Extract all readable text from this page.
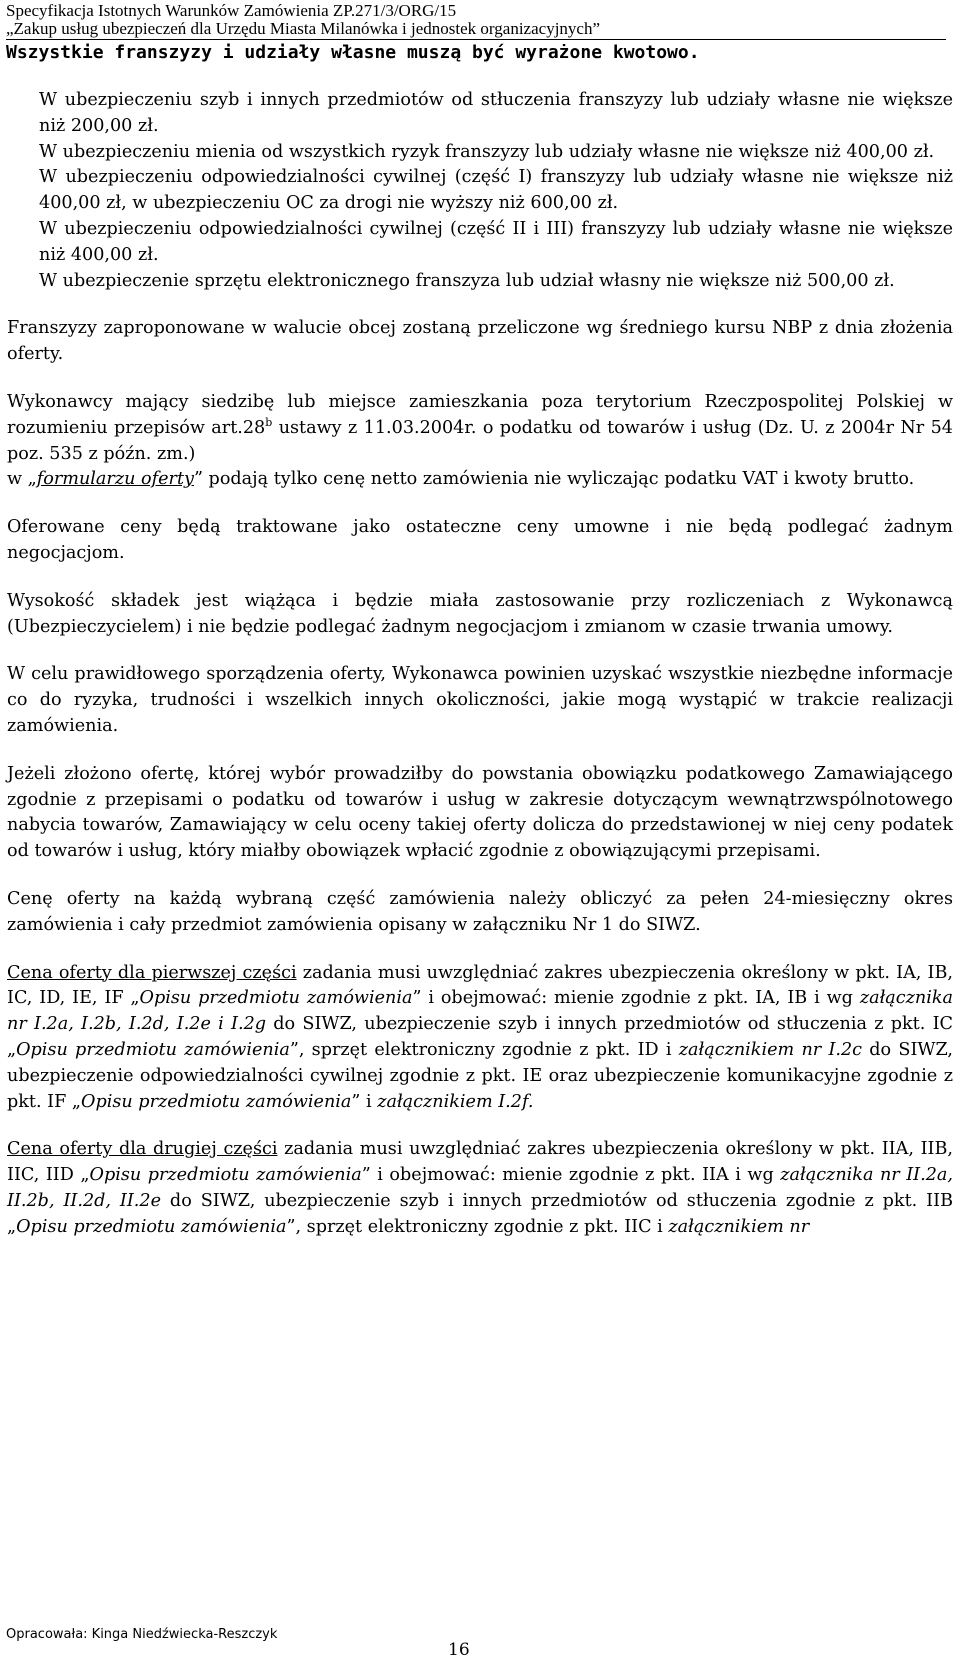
Specyfikacja Istotnych Warunków Zamówienia ZP.271/3/ORG/15
„Zakup usług ubezpieczeń dla Urzędu Miasta Milanówka i jednostek organizacyjnych”
Wszystkie franszyzy i udziały własne muszą być wyrażone kwotowo.

W ubezpieczeniu szyb i innych przedmiotów od stłuczenia franszyzy lub udziały własne nie większe niż 200,00 zł.

W ubezpieczeniu mienia od wszystkich ryzyk franszyzy lub udziały własne nie większe niż 400,00 zł.

W ubezpieczeniu odpowiedzialności cywilnej (część I) franszyzy lub udziały własne nie większe niż 400,00 zł, w ubezpieczeniu OC za drogi nie wyższy niż 600,00 zł.

W ubezpieczeniu odpowiedzialności cywilnej (część II i III) franszyzy lub udziały własne nie większe niż 400,00 zł.

W ubezpieczenie sprzętu elektronicznego franszyza lub udział własny nie większe niż 500,00 zł.

Franszyzy zaproponowane w walucie obcej zostaną przeliczone wg średniego kursu NBP z dnia złożenia oferty.

Wykonawcy mający siedzibę lub miejsce zamieszkania poza terytorium Rzeczpospolitej Polskiej w rozumieniu przepisów art.28$^b$ ustawy z 11.03.2004r. o podatku od towarów i usług (Dz. U. z 2004r Nr 54 poz. 535 z późn. zm.)
w „formularzu oferty” podają tylko cenę netto zamówienia nie wyliczając podatku VAT i kwoty brutto.

Oferowane ceny będą traktowane jako ostateczne ceny umowne i nie będą podlegać żadnym negocjacjom.

Wysokość składek jest wiążąca i będzie miała zastosowanie przy rozliczeniach z Wykonawcą (Ubezpieczycielem) i nie będzie podlegać żadnym negocjacjom i zmianom w czasie trwania umowy.

W celu prawidłowego sporządzenia oferty, Wykonawca powinien uzyskać wszystkie niezbędne informacje co do ryzyka, trudności i wszelkich innych okoliczności, jakie mogą wystąpić w trakcie realizacji zamówienia.

Jeżeli złożono ofertę, której wybór prowadziłby do powstania obowiązku podatkowego Zamawiającego zgodnie z przepisami o podatku od towarów i usług w zakresie dotyczącym wewnątrzwspólnotowego nabycia towarów, Zamawiający w celu oceny takiej oferty dolicza do przedstawionej w niej ceny podatek od towarów i usług, który miałby obowiązek wpłacić zgodnie z obowiązującymi przepisami.

Cenę oferty na każdą wybraną część zamówienia należy obliczyć za pełen 24-miesięczny okres zamówienia i cały przedmiot zamówienia opisany w załączniku Nr 1 do SIWZ.

Cena oferty dla pierwszej części zadania musi uwzględniać zakres ubezpieczenia określony w pkt. IA, IB, IC, ID, IE, IF „Opisu przedmiotu zamówienia” i obejmować: mienie zgodnie z pkt. IA, IB i wg załącznika nr I.2a, I.2b, I.2d, I.2e i I.2g do SIWZ, ubezpieczenie szyb i innych przedmiotów od stłuczenia z pkt. IC „Opisu przedmiotu zamówienia”, sprzęt elektroniczny zgodnie z pkt. ID i załącznikiem nr I.2c do SIWZ, ubezpieczenie odpowiedzialności cywilnej zgodnie z pkt. IE oraz ubezpieczenie komunikacyjne zgodnie z pkt. IF „Opisu przedmiotu zamówienia” i załącznikiem I.2f.

Cena oferty dla drugiej części zadania musi uwzględniać zakres ubezpieczenia określony w pkt. IIA, IIB, IIC, IID „Opisu przedmiotu zamówienia” i obejmować: mienie zgodnie z pkt. IIA i wg załącznika nr II.2a, II.2b, II.2d, II.2e do SIWZ, ubezpieczenie szyb i innych przedmiotów od stłuczenia zgodnie z pkt. IIB „Opisu przedmiotu zamówienia”, sprzęt elektroniczny zgodnie z pkt. IIC i załącznikiem nr

Opracowała: Kinga Niedźwiecka-Reszczyk
16
